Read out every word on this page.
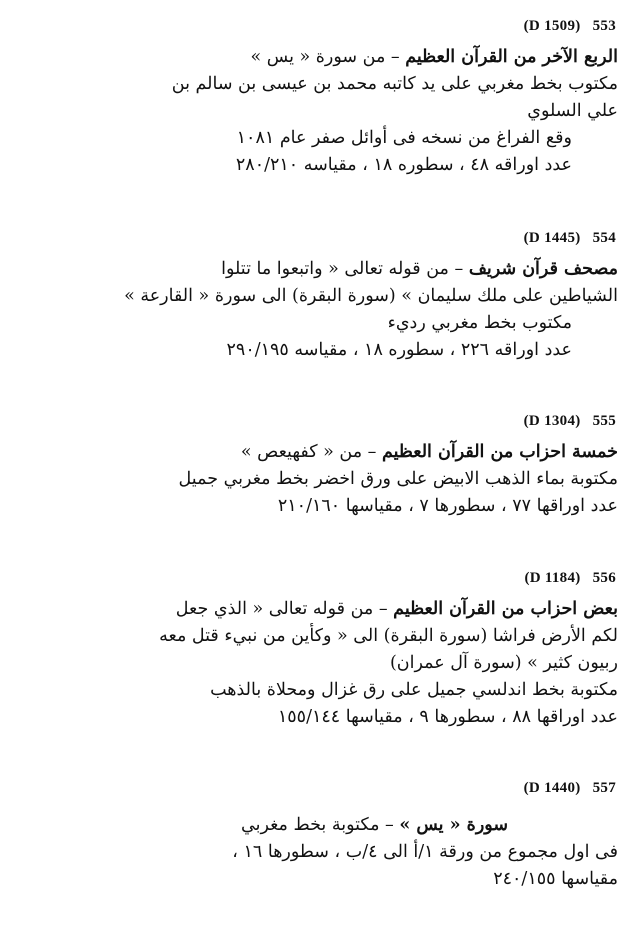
(D 1509) 553
الربع الآخر من القرآن العظيم – من سورة « يس »
مكتوب بخط مغربي على يد كاتبه محمد بن عيسى بن سالم بن
علي السلوي
وقع الفراغ من نسخه فى أوائل صفر عام ١٠٨١
عدد اوراقه ٤٨ ، سطوره ١٨ ، مقياسه ٢٨٠/٢١٠
(D 1445) 554
مصحف قرآن شريف – من قوله تعالى « واتبعوا ما تتلوا
الشياطين على ملك سليمان » (سورة البقرة) الى سورة « القارعة »
مكتوب بخط مغربي رديء
عدد اوراقه ٢٢٦ ، سطوره ١٨ ، مقياسه ٢٩٠/١٩٥
(D 1304) 555
خمسة احزاب من القرآن العظيم – من « كفهيعص »
مكتوبة بماء الذهب الابيض على ورق اخضر بخط مغربي جميل
عدد اوراقها ٧٧ ، سطورها ٧ ، مقياسها ٢١٠/١٦٠
(D 1184) 556
بعض احزاب من القرآن العظيم – من قوله تعالى « الذي جعل
لكم الأرض فراشا (سورة البقرة) الى « وكأين من نبيء قتل معه
ربيون كثير » (سورة آل عمران)
مكتوبة بخط اندلسي جميل على رق غزال ومحلاة بالذهب
عدد اوراقها ٨٨ ، سطورها ٩ ، مقياسها ١٥٥/١٤٤
(D 1440) 557
سورة « يس » – مكتوبة بخط مغربي
فى اول مجموع من ورقة ١/أ الى ٤/ب ، سطورها ١٦ ،
مقياسها ٢٤٠/١٥٥
